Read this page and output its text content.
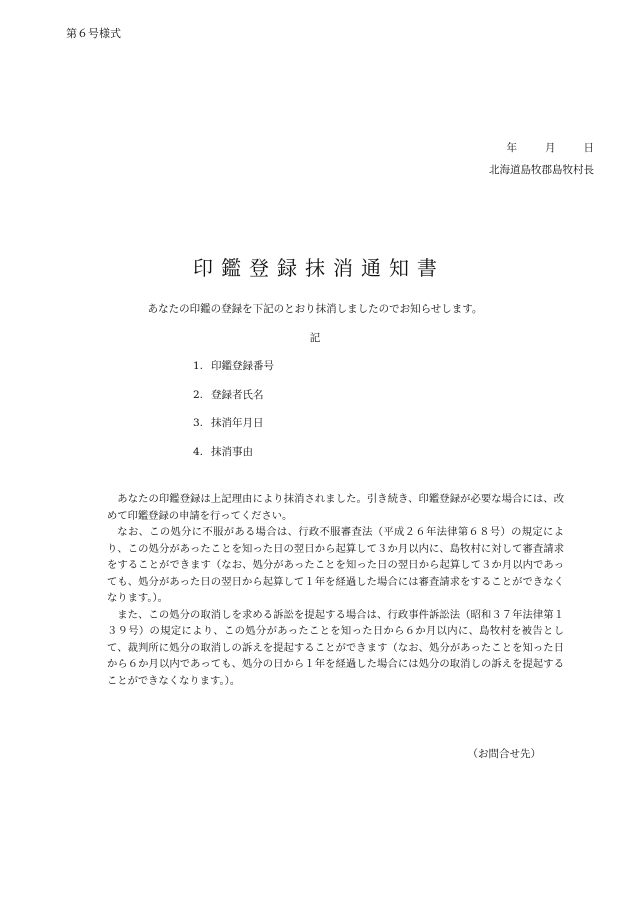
第６号様式
年	月	日
北海道島牧郡島牧村長
印鑑登録抹消通知書
あなたの印鑑の登録を下記のとおり抹消しましたのでお知らせします。
記
1. 印鑑登録番号
2. 登録者氏名
3. 抹消年月日
4. 抹消事由

あなたの印鑑登録は上記理由により抹消されました。引き続き、印鑑登録が必要な場合には、改めて印鑑登録の申請を行ってください。

なお、この処分に不服がある場合は、行政不服審査法（平成２６年法律第６８号）の規定により、この処分があったことを知った日の翌日から起算して３か月以内に、島牧村に対して審査請求をすることができます（なお、処分があったことを知った日の翌日から起算して３か月以内であっても、処分があった日の翌日から起算して１年を経過した場合には審査請求をすることができなくなります。）。

また、この処分の取消しを求める訴訟を提起する場合は、行政事件訴訟法（昭和３７年法律第１３９号）の規定により、この処分があったことを知った日から６か月以内に、島牧村を被告として、裁判所に処分の取消しの訴えを提起することができます（なお、処分があったことを知った日から６か月以内であっても、処分の日から１年を経過した場合には処分の取消しの訴えを提起することができなくなります。）。

（お問合せ先）
